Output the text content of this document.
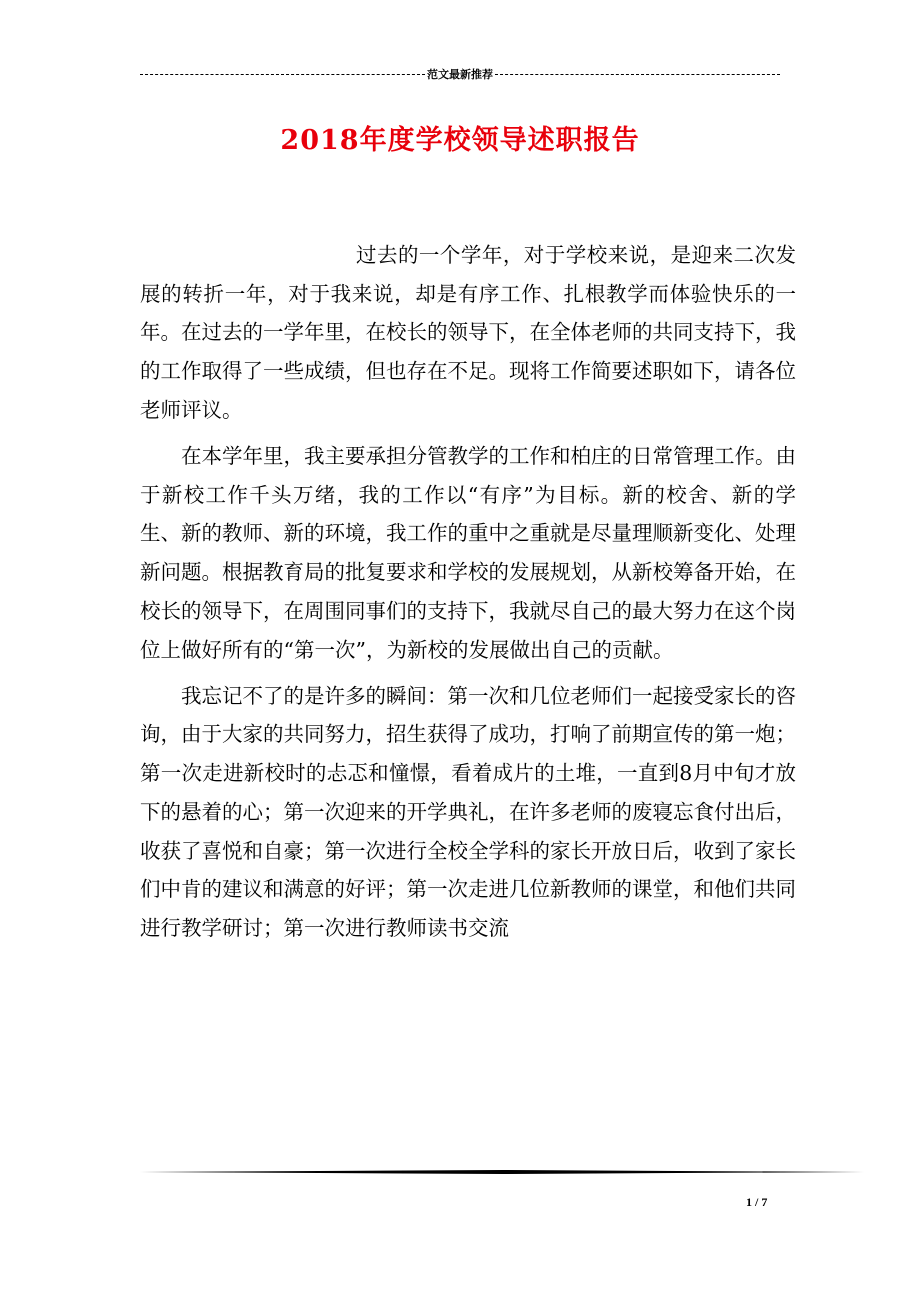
范文最新推荐
2018年度学校领导述职报告

过去的一个学年，对于学校来说，是迎来二次发展的转折一年，对于我来说，却是有序工作、扎根教学而体验快乐的一年。在过去的一学年里，在校长的领导下，在全体老师的共同支持下，我的工作取得了一些成绩，但也存在不足。现将工作简要述职如下，请各位老师评议。

在本学年里，我主要承担分管教学的工作和柏庄的日常管理工作。由于新校工作千头万绪，我的工作以“有序”为目标。新的校舍、新的学生、新的教师、新的环境，我工作的重中之重就是尽量理顺新变化、处理新问题。根据教育局的批复要求和学校的发展规划，从新校筹备开始，在校长的领导下，在周围同事们的支持下，我就尽自己的最大努力在这个岗位上做好所有的“第一次”，为新校的发展做出自己的贡献。

我忘记不了的是许多的瞬间：第一次和几位老师们一起接受家长的咨询，由于大家的共同努力，招生获得了成功，打响了前期宣传的第一炮；第一次走进新校时的忐忑和憧憬，看着成片的土堆，一直到8月中旬才放下的悬着的心；第一次迎来的开学典礼，在许多老师的废寝忘食付出后，收获了喜悦和自豪；第一次进行全校全学科的家长开放日后，收到了家长们中肯的建议和满意的好评；第一次走进几位新教师的课堂，和他们共同进行教学研讨；第一次进行教师读书交流

1 / 7
